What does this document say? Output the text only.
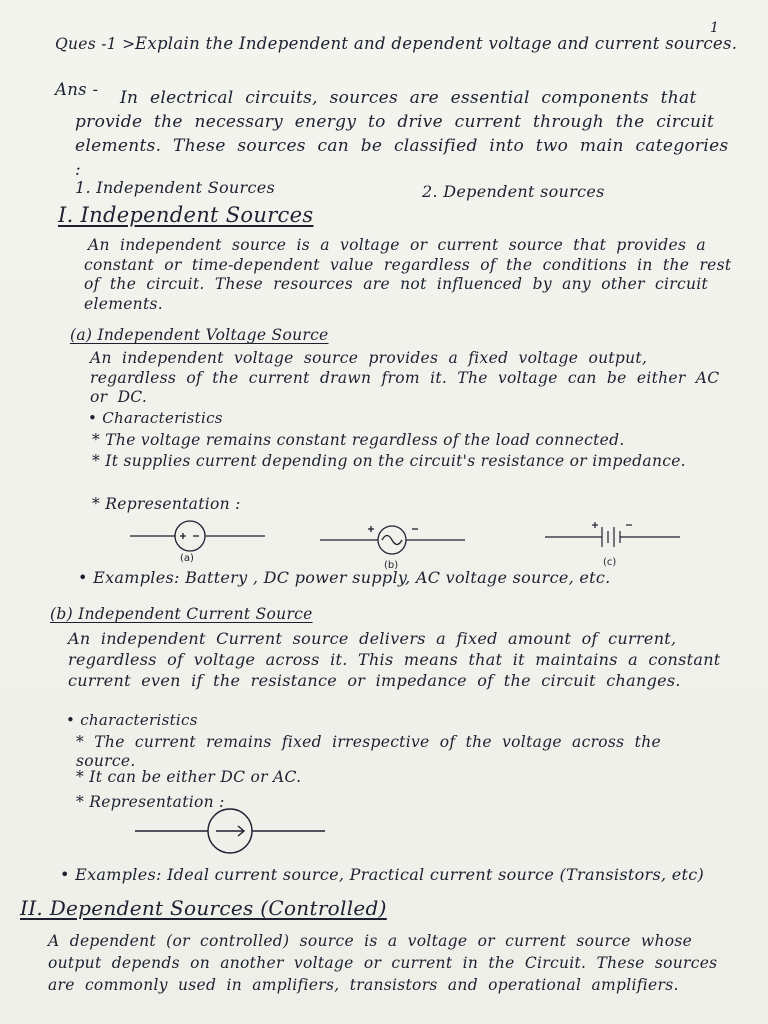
1
Ques -1 > Explain the Independent and dependent voltage and current sources.
Ans -	In electrical circuits, sources are essential components that provide the necessary energy to drive current through the circuit elements. These sources can be classified into two main categories :
1. Independent Sources	2. Dependent sources
I. Independent Sources
An independent source is a voltage or current source that provides a constant or time-dependent value regardless of the conditions in the rest of the circuit. These resources are not influenced by any other circuit elements.
(a) Independent Voltage Source
An independent voltage source provides a fixed voltage output, regardless of the current drawn from it. The voltage can be either AC or DC.
• Characteristics
* The voltage remains constant regardless of the load connected.
* It supplies current depending on the circuit's resistance or impedance.
* Representation :
(a)
(b)	(c)
• Examples: Battery , DC power supply, AC voltage source, etc.
(b) Independent Current Source
An independent Current source delivers a fixed amount of current, regardless of voltage across it. This means that it maintains a constant current even if the resistance or impedance of the circuit changes.
• characteristics
* The current remains fixed irrespective of the voltage across the source.
* It can be either DC or AC.
* Representation :
• Examples: Ideal current source, Practical current source (Transistors, etc)
II. Dependent Sources (Controlled)
A dependent (or controlled) source is a voltage or current source whose output depends on another voltage or current in the Circuit. These sources are commonly used in amplifiers, transistors and operational amplifiers.
